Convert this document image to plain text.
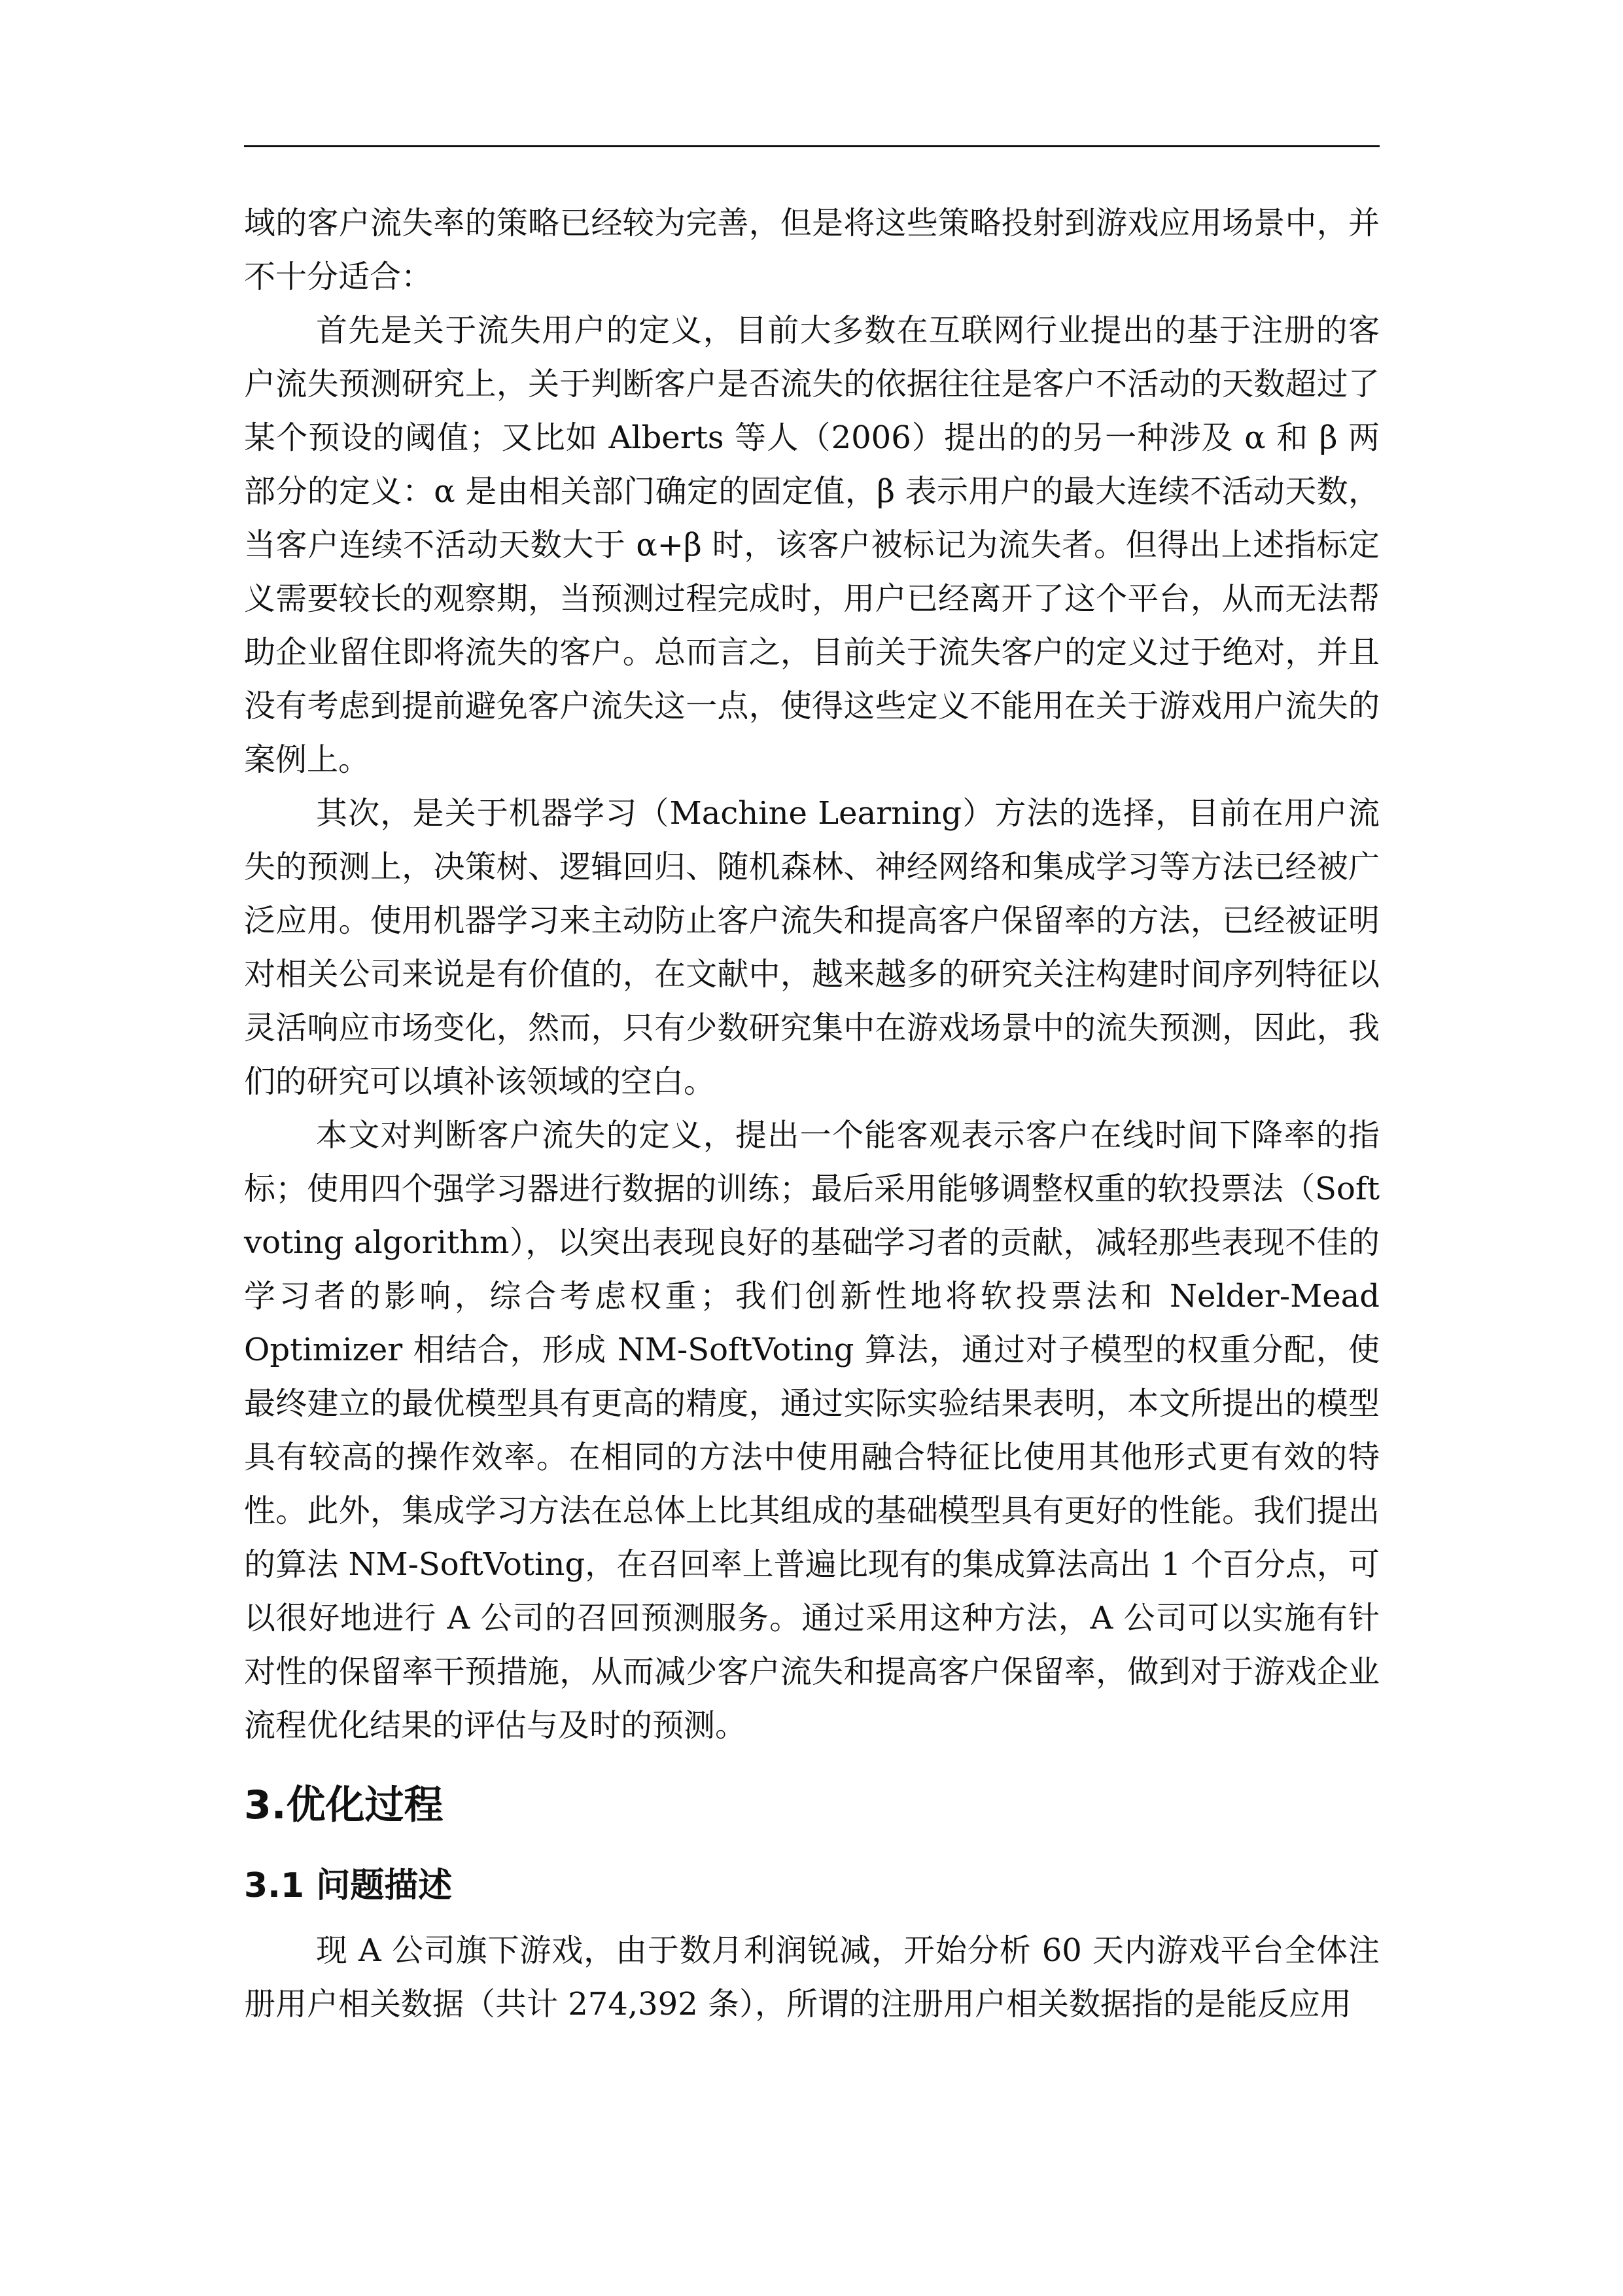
域的客户流失率的策略已经较为完善，但是将这些策略投射到游戏应用场景中，并不十分适合：

首先是关于流失用户的定义，目前大多数在互联网行业提出的基于注册的客户流失预测研究上，关于判断客户是否流失的依据往往是客户不活动的天数超过了某个预设的阈值；又比如 Alberts 等人（2006）提出的的另一种涉及 α 和 β 两部分的定义：α 是由相关部门确定的固定值，β 表示用户的最大连续不活动天数，当客户连续不活动天数大于 α+β 时，该客户被标记为流失者。但得出上述指标定义需要较长的观察期，当预测过程完成时，用户已经离开了这个平台，从而无法帮助企业留住即将流失的客户。总而言之，目前关于流失客户的定义过于绝对，并且没有考虑到提前避免客户流失这一点，使得这些定义不能用在关于游戏用户流失的案例上。

其次，是关于机器学习（Machine Learning）方法的选择，目前在用户流失的预测上，决策树、逻辑回归、随机森林、神经网络和集成学习等方法已经被广泛应用。使用机器学习来主动防止客户流失和提高客户保留率的方法，已经被证明对相关公司来说是有价值的，在文献中，越来越多的研究关注构建时间序列特征以灵活响应市场变化，然而，只有少数研究集中在游戏场景中的流失预测，因此，我们的研究可以填补该领域的空白。

本文对判断客户流失的定义，提出一个能客观表示客户在线时间下降率的指标；使用四个强学习器进行数据的训练；最后采用能够调整权重的软投票法（Soft voting algorithm），以突出表现良好的基础学习者的贡献，减轻那些表现不佳的学习者的影响，综合考虑权重；我们创新性地将软投票法和 Nelder-Mead Optimizer 相结合，形成 NM-SoftVoting 算法，通过对子模型的权重分配，使最终建立的最优模型具有更高的精度，通过实际实验结果表明，本文所提出的模型具有较高的操作效率。在相同的方法中使用融合特征比使用其他形式更有效的特性。此外，集成学习方法在总体上比其组成的基础模型具有更好的性能。我们提出的算法 NM-SoftVoting，在召回率上普遍比现有的集成算法高出 1 个百分点，可以很好地进行 A 公司的召回预测服务。通过采用这种方法，A 公司可以实施有针对性的保留率干预措施，从而减少客户流失和提高客户保留率，做到对于游戏企业流程优化结果的评估与及时的预测。

3.优化过程
3.1 问题描述

现 A 公司旗下游戏，由于数月利润锐减，开始分析 60 天内游戏平台全体注册用户相关数据（共计 274,392 条），所谓的注册用户相关数据指的是能反应用
